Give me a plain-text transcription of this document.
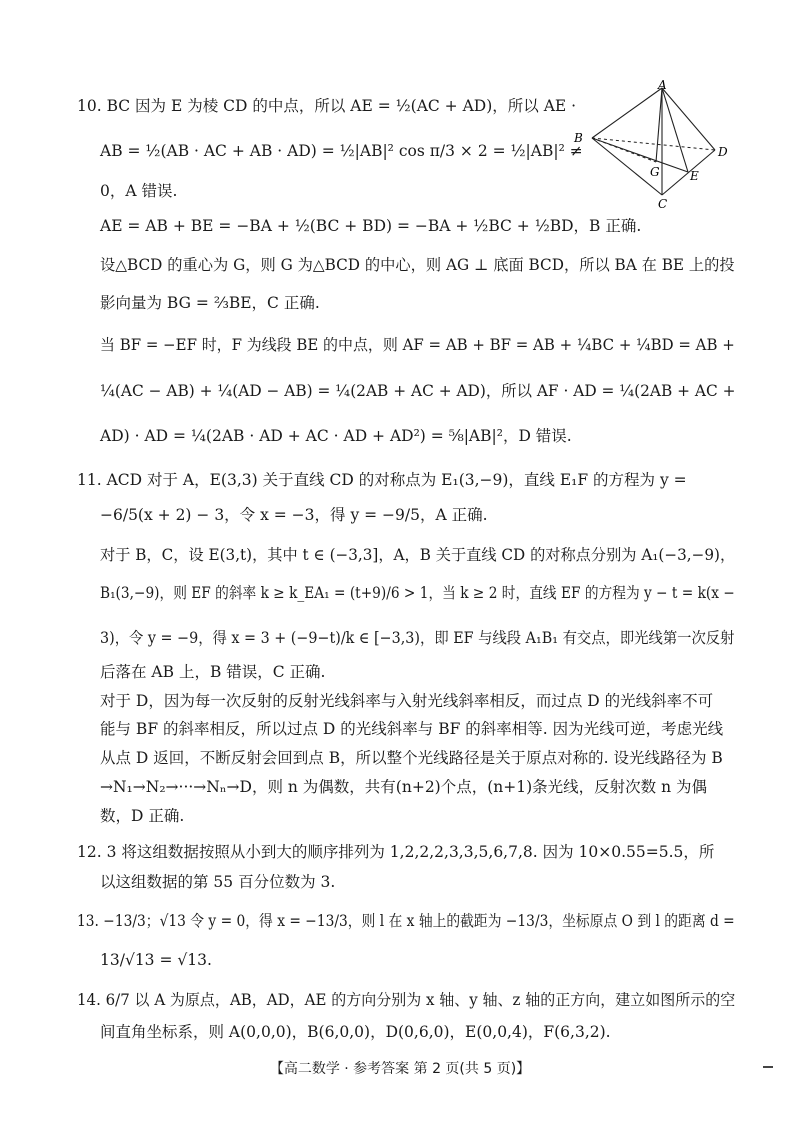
10. BC 因为 E 为棱 CD 的中点，所以 AE = ½(AC + AD)，所以 AE ·
AB = ½(AB · AC + AB · AD) = ½|AB|² cos π/3 × 2 = ½|AB|² ≠
0，A 错误.
AE = AB + BE = −BA + ½(BC + BD) = −BA + ½BC + ½BD，B 正确.
设△BCD 的重心为 G，则 G 为△BCD 的中心，则 AG ⊥ 底面 BCD，所以 BA 在 BE 上的投
影向量为 BG = ⅔BE，C 正确.
当 BF = −EF 时，F 为线段 BE 的中点，则 AF = AB + BF = AB + ¼BC + ¼BD = AB +
¼(AC − AB) + ¼(AD − AB) = ¼(2AB + AC + AD)，所以 AF · AD = ¼(2AB + AC +
AD) · AD = ¼(2AB · AD + AC · AD + AD²) = ⅝|AB|²，D 错误.
A
B
C
D
E
G
11. ACD 对于 A，E(3,3) 关于直线 CD 的对称点为 E₁(3,−9)，直线 E₁F 的方程为 y =
−6/5(x + 2) − 3，令 x = −3，得 y = −9/5，A 正确.
对于 B，C，设 E(3,t)，其中 t ∈ (−3,3]，A，B 关于直线 CD 的对称点分别为 A₁(−3,−9)，
B₁(3,−9)，则 EF 的斜率 k ≥ k_EA₁ = (t+9)/6 > 1，当 k ≥ 2 时，直线 EF 的方程为 y − t = k(x −
3)，令 y = −9，得 x = 3 + (−9−t)/k ∈ [−3,3)，即 EF 与线段 A₁B₁ 有交点，即光线第一次反射
后落在 AB 上，B 错误，C 正确.
对于 D，因为每一次反射的反射光线斜率与入射光线斜率相反，而过点 D 的光线斜率不可
能与 BF 的斜率相反，所以过点 D 的光线斜率与 BF 的斜率相等. 因为光线可逆，考虑光线
从点 D 返回，不断反射会回到点 B，所以整个光线路径是关于原点对称的. 设光线路径为 B
→N₁→N₂→···→Nₙ→D，则 n 为偶数，共有(n+2)个点，(n+1)条光线，反射次数 n 为偶
数，D 正确.
12. 3 将这组数据按照从小到大的顺序排列为 1,2,2,2,3,3,5,6,7,8. 因为 10×0.55=5.5，所
以这组数据的第 55 百分位数为 3.
13. −13/3；√13 令 y = 0，得 x = −13/3，则 l 在 x 轴上的截距为 −13/3，坐标原点 O 到 l 的距离 d =
13/√13 = √13.
14. 6/7 以 A 为原点，AB，AD，AE 的方向分别为 x 轴、y 轴、z 轴的正方向，建立如图所示的空
间直角坐标系，则 A(0,0,0)，B(6,0,0)，D(0,6,0)，E(0,0,4)，F(6,3,2).
【高二数学 · 参考答案 第 2 页(共 5 页)】
